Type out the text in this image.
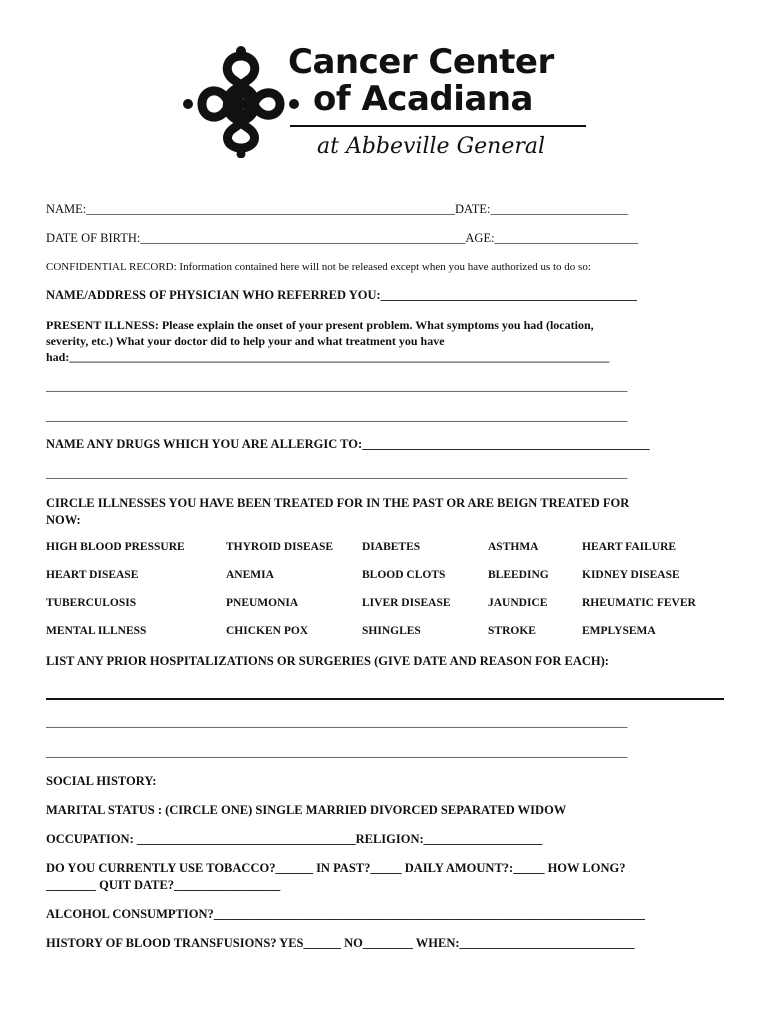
Cancer Center
of Acadiana
at Abbeville General
NAME:___________________________________________________________DATE:______________________
DATE OF BIRTH:____________________________________________________AGE:_______________________
CONFIDENTIAL RECORD: Information contained here will not be released except when you have authorized us to do so:
NAME/ADDRESS OF PHYSICIAN WHO REFERRED YOU:_________________________________________
PRESENT ILLNESS: Please explain the onset of your present problem. What symptoms you had (location,
severity, etc.) What your doctor did to help your and what treatment you have
had:__________________________________________________________________________________________
_____________________________________________________________________________________________
_____________________________________________________________________________________________
NAME ANY DRUGS WHICH YOU ARE ALLERGIC TO:______________________________________________
_____________________________________________________________________________________________
CIRCLE ILLNESSES YOU HAVE BEEN TREATED FOR IN THE PAST OR ARE BEIGN TREATED FOR
NOW:
HIGH BLOOD PRESSURE	THYROID DISEASE	DIABETES	ASTHMA	HEART FAILURE
HEART DISEASE	ANEMIA	BLOOD CLOTS	BLEEDING	KIDNEY DISEASE
TUBERCULOSIS	PNEUMONIA	LIVER DISEASE	JAUNDICE	RHEUMATIC FEVER
MENTAL ILLNESS	CHICKEN POX	SHINGLES	STROKE	EMPLYSEMA
LIST ANY PRIOR HOSPITALIZATIONS OR SURGERIES (GIVE DATE AND REASON FOR EACH):
_____________________________________________________________________________________________
_____________________________________________________________________________________________
SOCIAL HISTORY:
MARITAL STATUS : (CIRCLE ONE) SINGLE MARRIED DIVORCED SEPARATED WIDOW
OCCUPATION: ___________________________________RELIGION:___________________
DO YOU CURRENTLY USE TOBACCO?______ IN PAST?_____ DAILY AMOUNT?:_____ HOW LONG?
________ QUIT DATE?_________________
ALCOHOL CONSUMPTION?_____________________________________________________________________
HISTORY OF BLOOD TRANSFUSIONS? YES______ NO________ WHEN:____________________________
